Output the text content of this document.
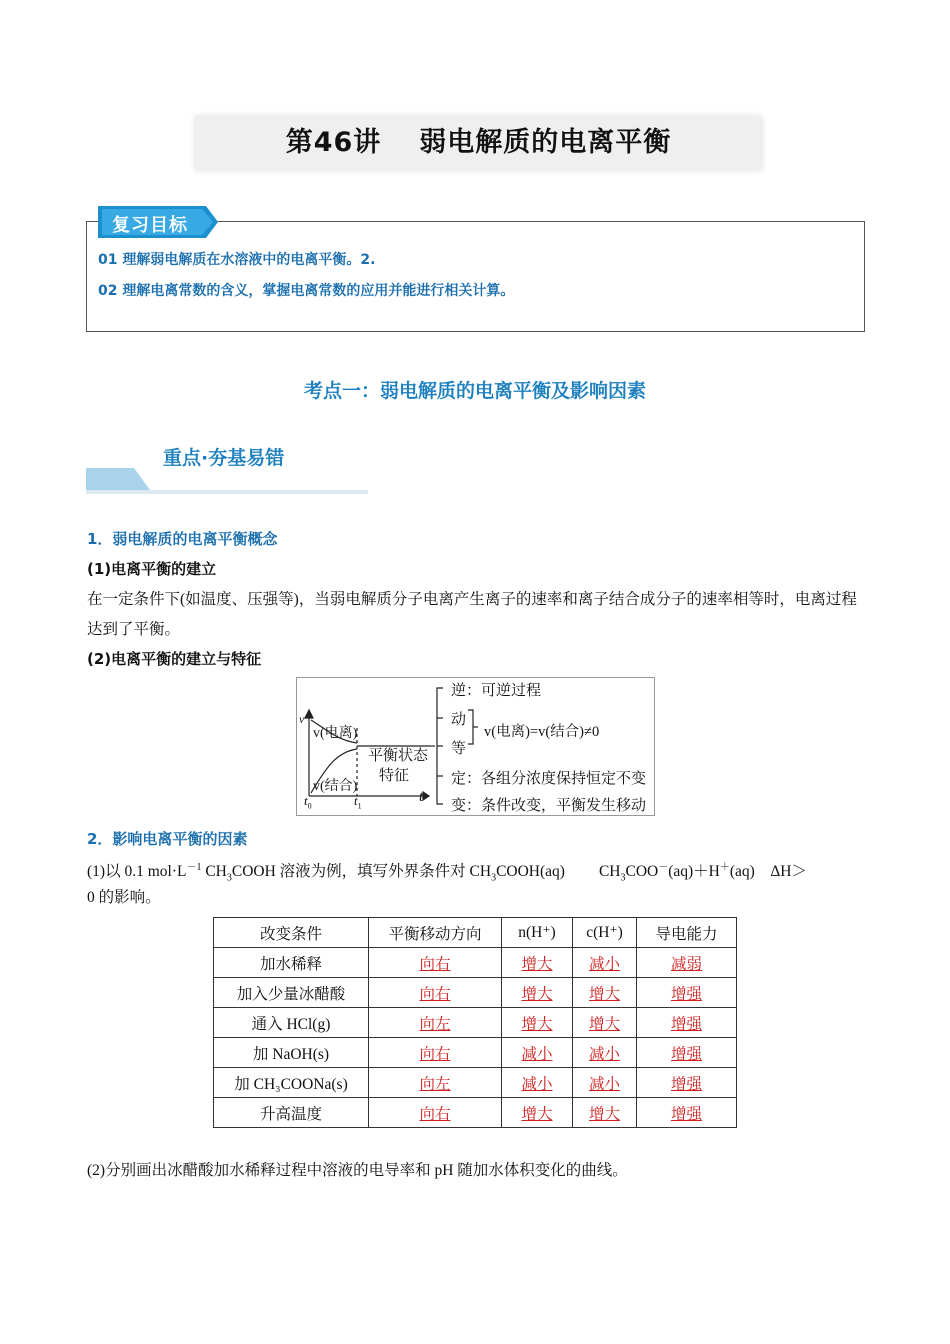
第46讲 弱电解质的电离平衡
复习目标
01 理解弱电解质在水溶液中的电离平衡。2.
02 理解电离常数的含义，掌握电离常数的应用并能进行相关计算。
考点一：弱电解质的电离平衡及影响因素
重点·夯基易错
1．弱电解质的电离平衡概念
(1)电离平衡的建立
在一定条件下(如温度、压强等)，当弱电解质分子电离产生离子的速率和离子结合成分子的速率相等时，电离过程达到了平衡。
(2)电离平衡的建立与特征
v
t
$t_0$	$t_1$
v(电离)
v(结合)
平衡状态
特征
逆：可逆过程
动
等
v(电离)=v(结合)≠0
定：各组分浓度保持恒定不变
变：条件改变，平衡发生移动
2．影响电离平衡的因素
(1)以 0.1 $mol\cdot L^{-1}$ $CH_3COOH$ 溶液为例，填写外界条件对 $CH_3COOH(aq)$ $CH_3COO^-(aq)+H^+(aq)$　ΔH＞
0 的影响。
改变条件	平衡移动方向	n(H⁺)	c(H⁺)	导电能力
加水稀释	向右	增大	减小	减弱
加入少量冰醋酸	向右	增大	增大	增强
通入 HCl(g)	向左	增大	增大	增强
加 NaOH(s)	向右	减小	减小	增强
加 CH₃COONa(s)	向左	减小	减小	增强
升高温度	向右	增大	增大	增强
(2)分别画出冰醋酸加水稀释过程中溶液的电导率和 pH 随加水体积变化的曲线。
